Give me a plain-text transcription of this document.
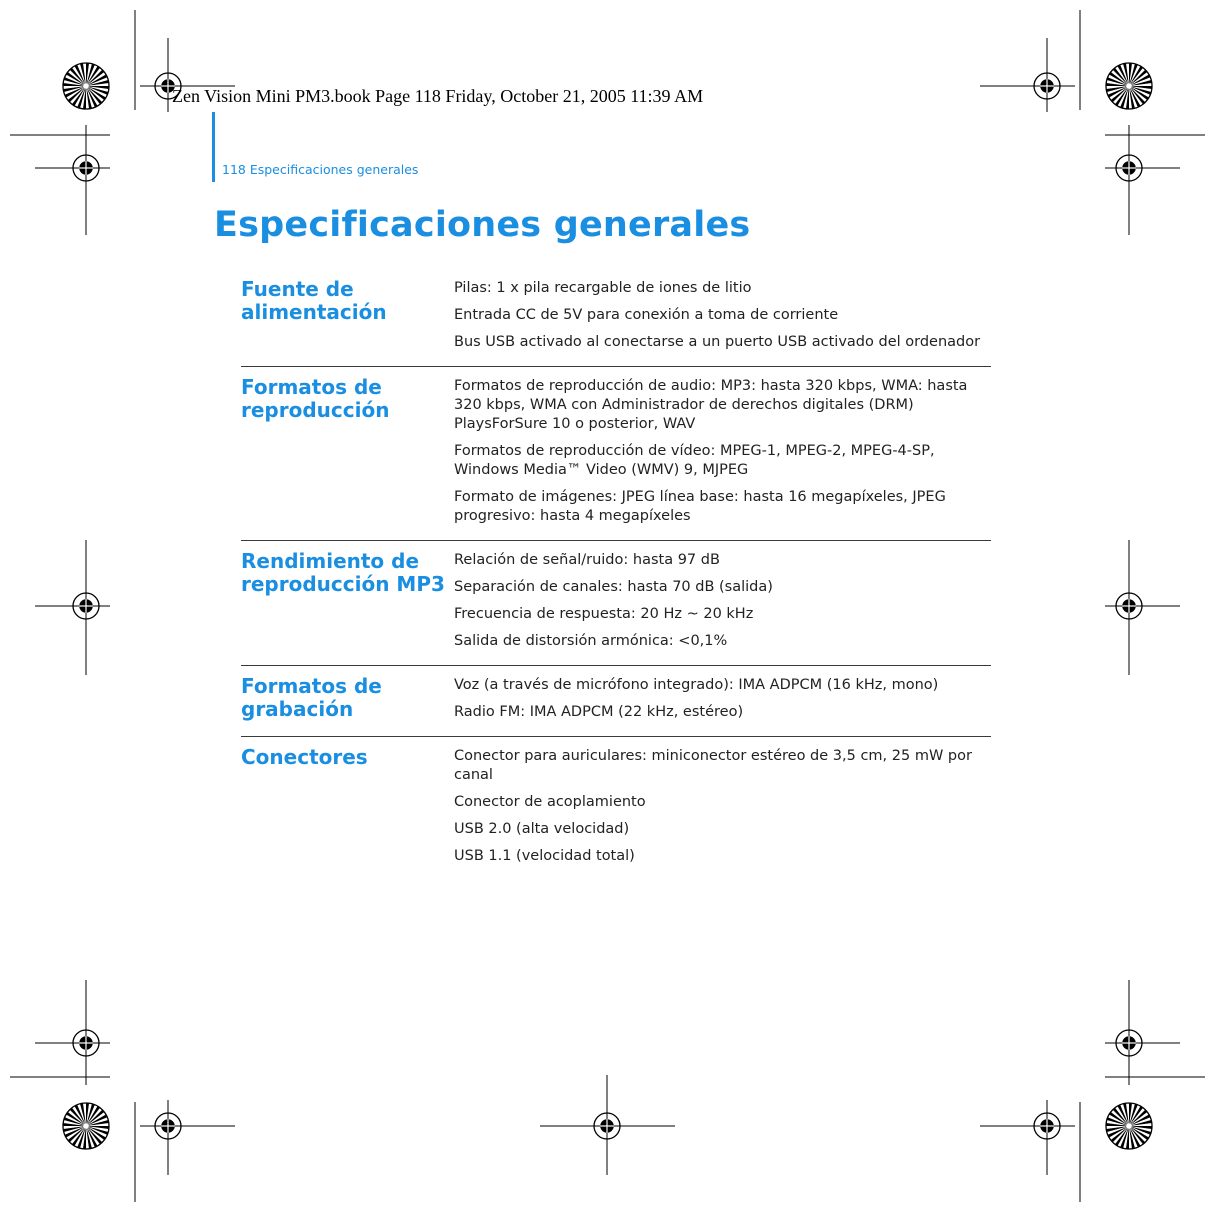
Zen Vision Mini PM3.book Page 118 Friday, October 21, 2005 11:39 AM
118 Especificaciones generales
Especificaciones generales
Fuente de alimentación
Pilas: 1 x pila recargable de iones de litio
Entrada CC de 5V para conexión a toma de corriente
Bus USB activado al conectarse a un puerto USB activado del ordenador
Formatos de reproducción
Formatos de reproducción de audio: MP3: hasta 320 kbps, WMA: hasta 320 kbps, WMA con Administrador de derechos digitales (DRM) PlaysForSure 10 o posterior, WAV
Formatos de reproducción de vídeo: MPEG-1, MPEG-2, MPEG-4-SP, Windows Media™ Video (WMV) 9, MJPEG
Formato de imágenes: JPEG línea base: hasta 16 megapíxeles, JPEG progresivo: hasta 4 megapíxeles
Rendimiento de reproducción MP3
Relación de señal/ruido: hasta 97 dB
Separación de canales: hasta 70 dB (salida)
Frecuencia de respuesta: 20 Hz ~ 20 kHz
Salida de distorsión armónica: <0,1%
Formatos de grabación
Voz (a través de micrófono integrado): IMA ADPCM (16 kHz, mono)
Radio FM: IMA ADPCM (22 kHz, estéreo)
Conectores	Conector para auriculares: miniconector estéreo de 3,5 cm, 25 mW por canal
Conector de acoplamiento
USB 2.0 (alta velocidad)
USB 1.1 (velocidad total)
